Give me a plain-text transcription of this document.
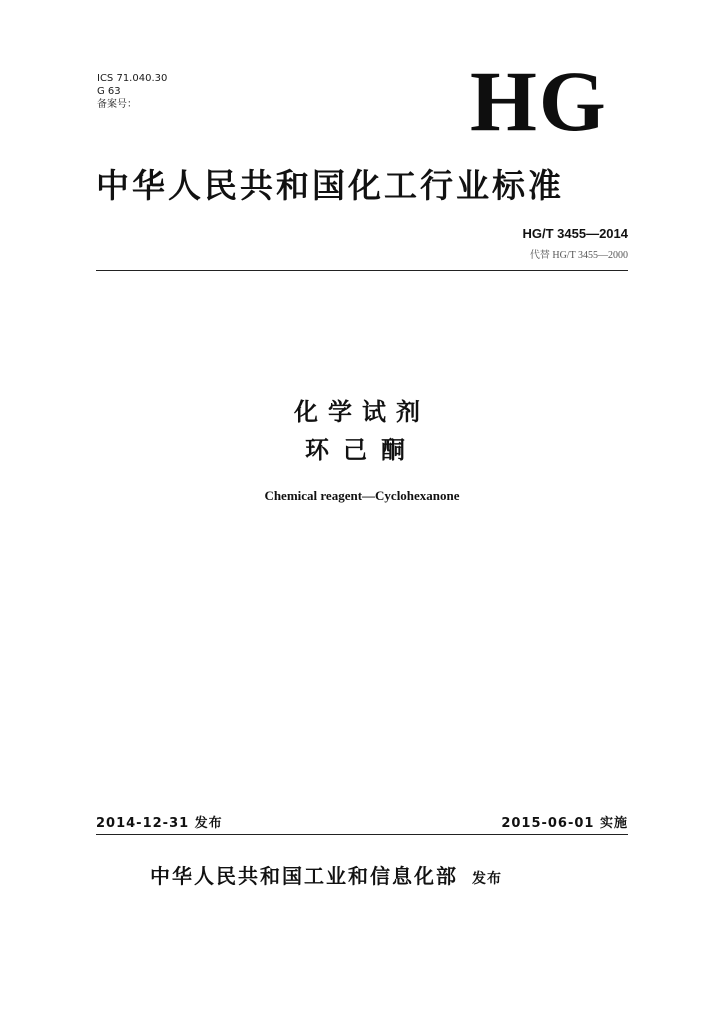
ICS 71.040.30
G 63
备案号：	HG
中华人民共和国化工行业标准
HG/T 3455—2014
代替 HG/T 3455—2000
化学试剂
环己酮
Chemical reagent—Cyclohexanone
2014-12-31 发布	2015-06-01 实施
中华人民共和国工业和信息化部 发布
